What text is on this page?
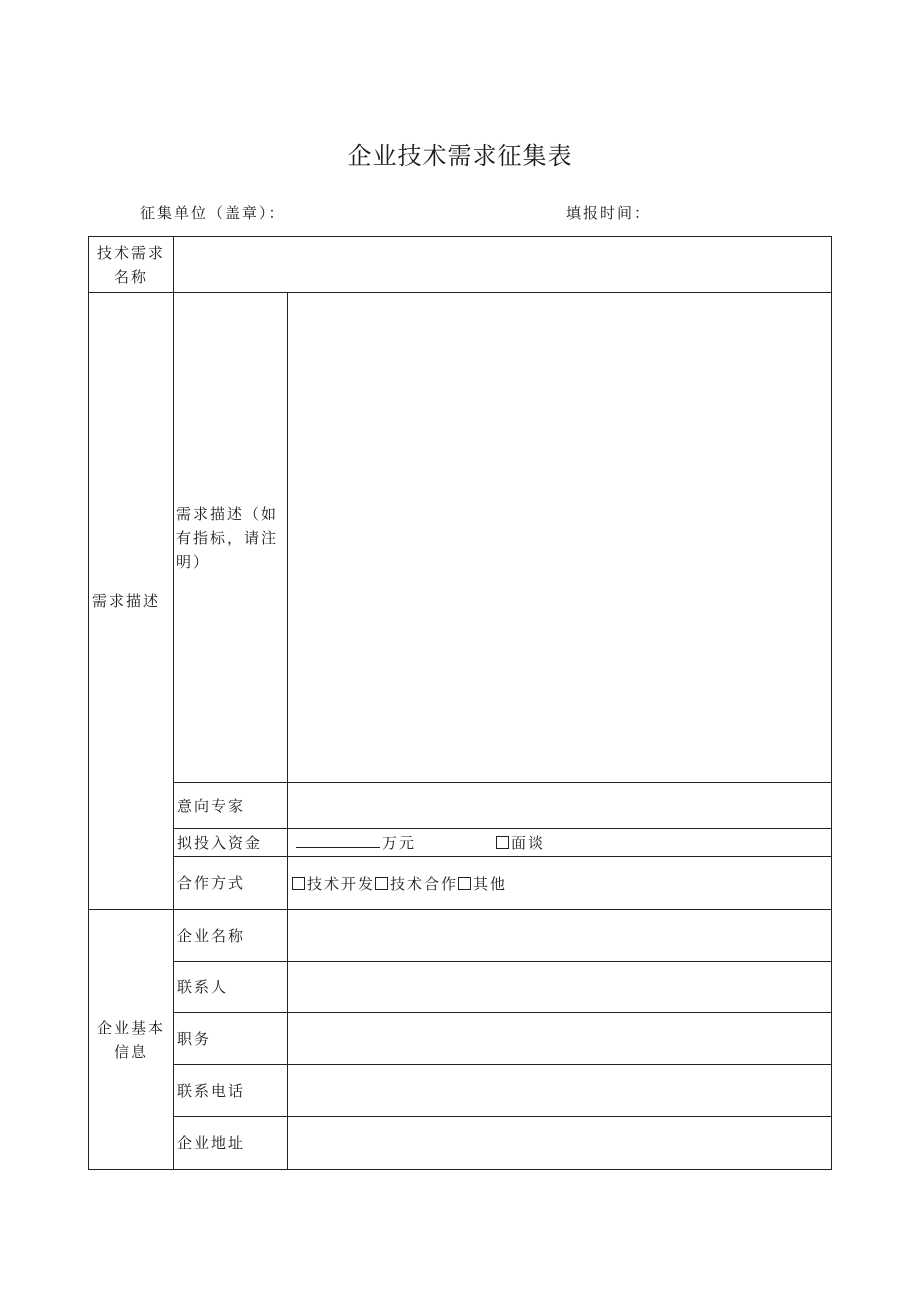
企业技术需求征集表
征集单位（盖章）：	填报时间：
技术需求名称		
需求描述	需求描述（如有指标，请注明）	
	意向专家	
	拟投入资金	万元 面谈
	合作方式	技术开发 技术合作 其他
企业基本信息	企业名称	
	联系人	
	职务	
	联系电话	
	企业地址	
